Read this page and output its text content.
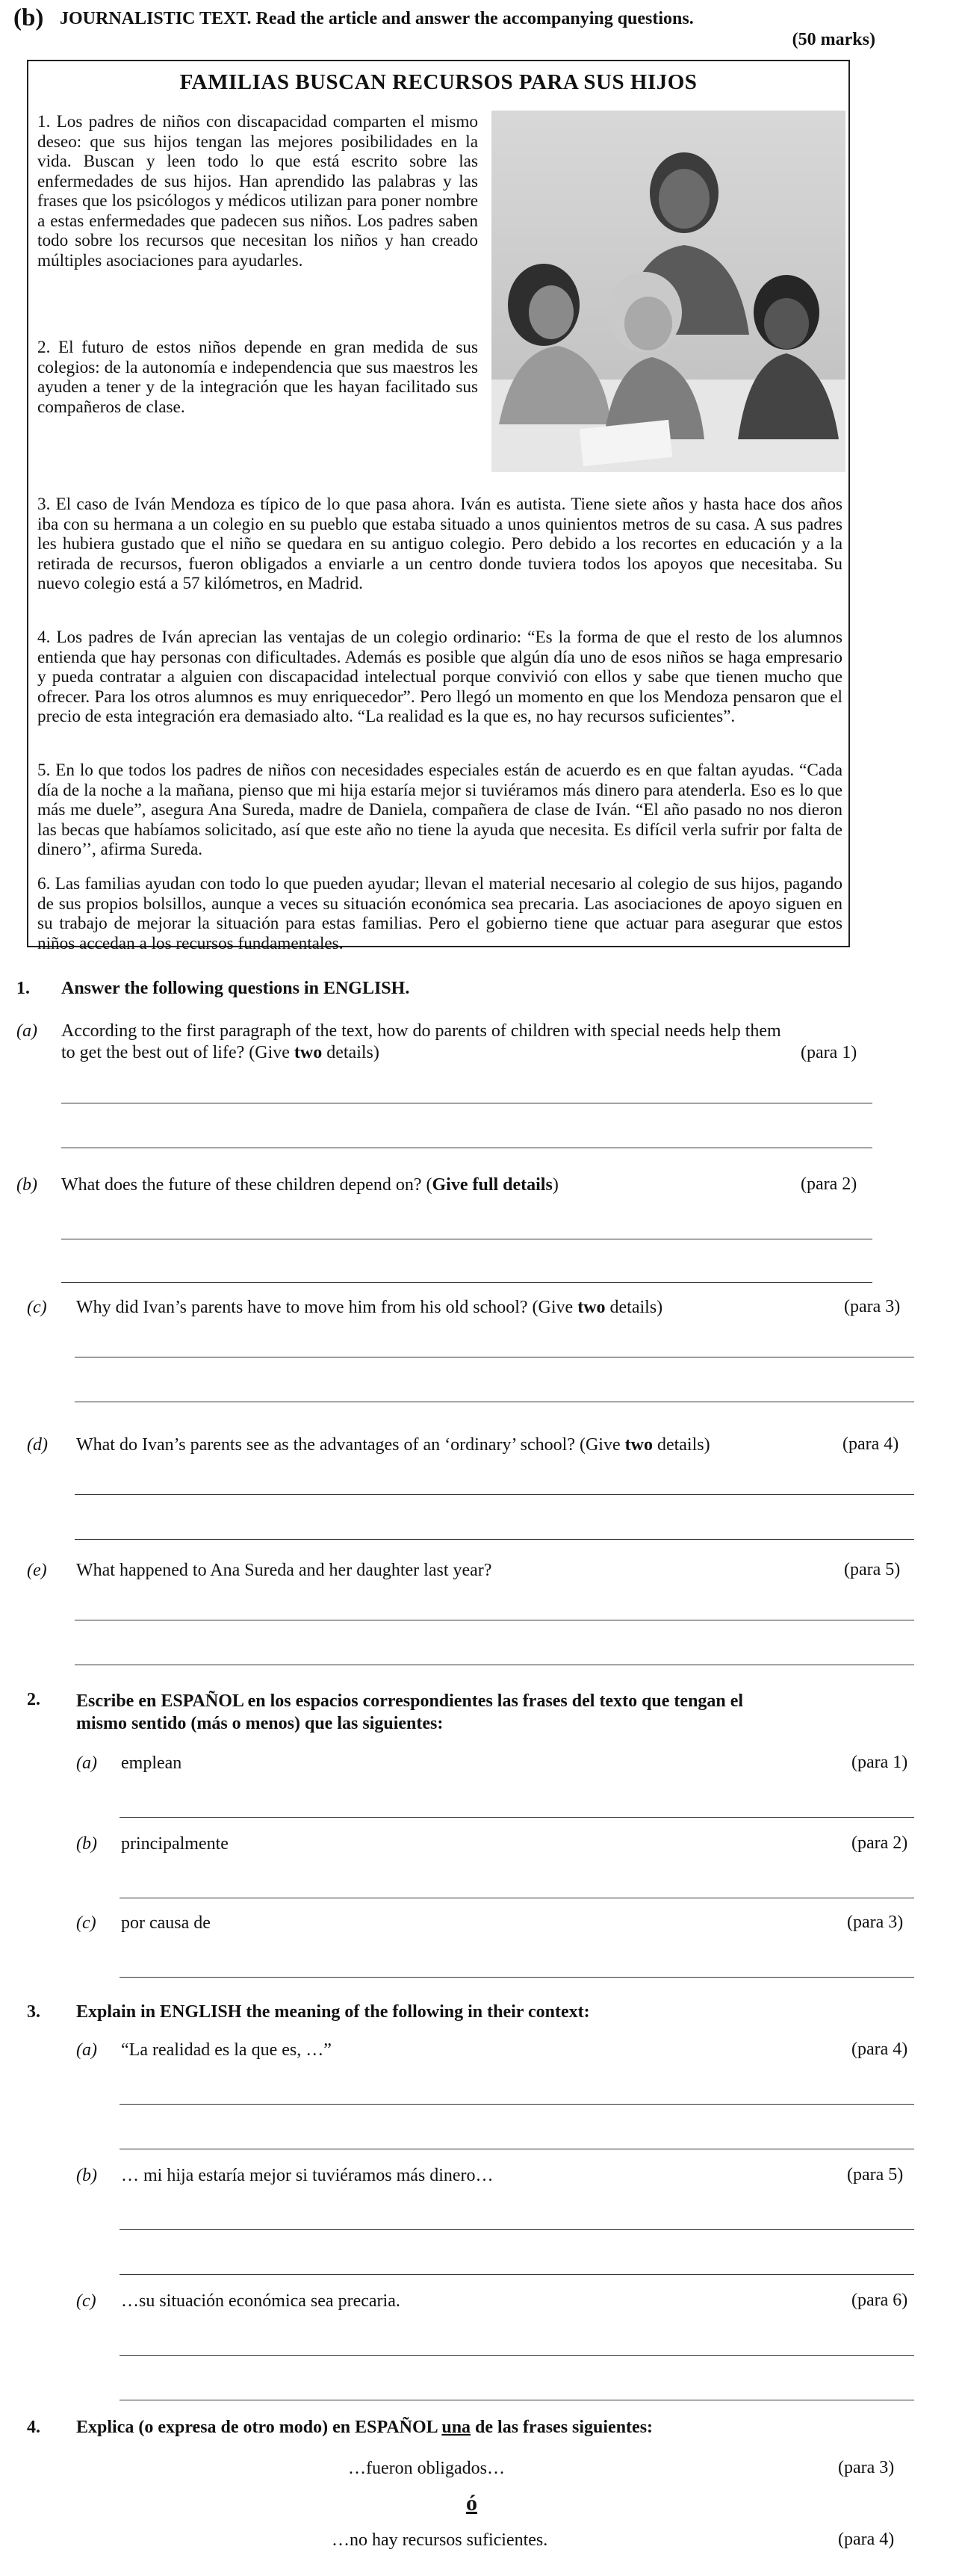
(b) JOURNALISTIC TEXT. Read the article and answer the accompanying questions.
(50 marks)
FAMILIAS BUSCAN RECURSOS PARA SUS HIJOS
1. Los padres de niños con discapacidad comparten el mismo deseo: que sus hijos tengan las mejores posibilidades en la vida. Buscan y leen todo lo que está escrito sobre las enfermedades de sus hijos. Han aprendido las palabras y las frases que los psicólogos y médicos utilizan para poner nombre a estas enfermedades que padecen sus niños. Los padres saben todo sobre los recursos que necesitan los niños y han creado múltiples asociaciones para ayudarles.
2. El futuro de estos niños depende en gran medida de sus colegios: de la autonomía e independencia que sus maestros les ayuden a tener y de la integración que les hayan facilitado sus compañeros de clase.
3. El caso de Iván Mendoza es típico de lo que pasa ahora. Iván es autista. Tiene siete años y hasta hace dos años iba con su hermana a un colegio en su pueblo que estaba situado a unos quinientos metros de su casa. A sus padres les hubiera gustado que el niño se quedara en su antiguo colegio. Pero debido a los recortes en educación y a la retirada de recursos, fueron obligados a enviarle a un centro donde tuviera todos los apoyos que necesitaba. Su nuevo colegio está a 57 kilómetros, en Madrid.
4. Los padres de Iván aprecian las ventajas de un colegio ordinario: “Es la forma de que el resto de los alumnos entienda que hay personas con dificultades. Además es posible que algún día uno de esos niños se haga empresario y pueda contratar a alguien con discapacidad intelectual porque convivió con ellos y sabe que tienen mucho que ofrecer. Para los otros alumnos es muy enriquecedor”. Pero llegó un momento en que los Mendoza pensaron que el precio de esta integración era demasiado alto. “La realidad es la que es, no hay recursos suficientes”.
5. En lo que todos los padres de niños con necesidades especiales están de acuerdo es en que faltan ayudas. “Cada día de la noche a la mañana, pienso que mi hija estaría mejor si tuviéramos más dinero para atenderla. Eso es lo que más me duele”, asegura Ana Sureda, madre de Daniela, compañera de clase de Iván. “El año pasado no nos dieron las becas que habíamos solicitado, así que este año no tiene la ayuda que necesita. Es difícil verla sufrir por falta de dinero’’, afirma Sureda.
6. Las familias ayudan con todo lo que pueden ayudar; llevan el material necesario al colegio de sus hijos, pagando de sus propios bolsillos, aunque a veces su situación económica sea precaria. Las asociaciones de apoyo siguen en su trabajo de mejorar la situación para estas familias. Pero el gobierno tiene que actuar para asegurar que estos niños accedan a los recursos fundamentales.
1. Answer the following questions in ENGLISH.
(a) According to the first paragraph of the text, how do parents of children with special needs help them
to get the best out of life? (Give two details)	(para 1)
(b) What does the future of these children depend on? (Give full details)	(para 2)
(c) Why did Ivan’s parents have to move him from his old school? (Give two details)	(para 3)
(d) What do Ivan’s parents see as the advantages of an ‘ordinary’ school? (Give two details)	(para 4)
(e) What happened to Ana Sureda and her daughter last year?	(para 5)
2. Escribe en ESPAÑOL en los espacios correspondientes las frases del texto que tengan el
mismo sentido (más o menos) que las siguientes:
(a) emplean	(para 1)
(b) principalmente	(para 2)
(c) por causa de	(para 3)
3. Explain in ENGLISH the meaning of the following in their context:
(a) “La realidad es la que es, …”	(para 4)
(b) … mi hija estaría mejor si tuviéramos más dinero…	(para 5)
(c) …su situación económica sea precaria.	(para 6)
4. Explica (o expresa de otro modo) en ESPAÑOL una de las frases siguientes:
…fueron obligados…	(para 3)
ó
…no hay recursos suficientes.	(para 4)
